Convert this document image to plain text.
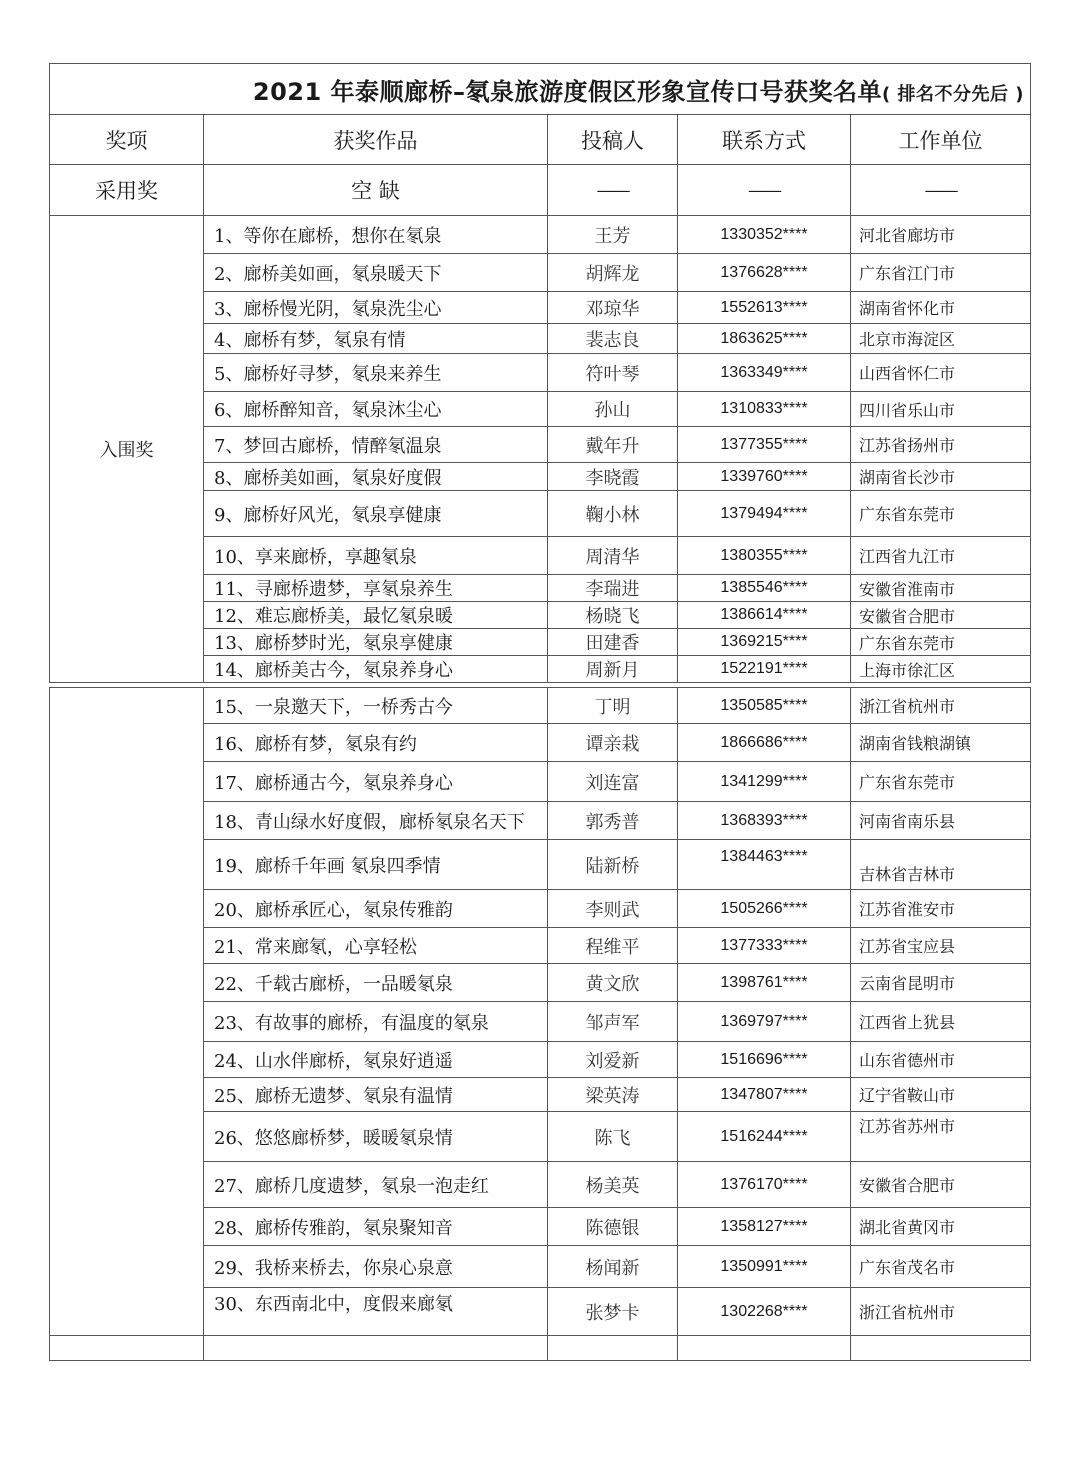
2021 年泰顺廊桥–氡泉旅游度假区形象宣传口号获奖名单( 排名不分先后 )				
奖项	获奖作品	投稿人	联系方式	工作单位
采用奖	空 缺	——	——	——
入围奖	1、等你在廊桥，想你在氡泉	王芳	1330352****	河北省廊坊市
	2、廊桥美如画，氡泉暖天下	胡辉龙	1376628****	广东省江门市
	3、廊桥慢光阴，氡泉洗尘心	邓琼华	1552613****	湖南省怀化市
	4、廊桥有梦，氡泉有情	裴志良	1863625****	北京市海淀区
	5、廊桥好寻梦，氡泉来养生	符叶琴	1363349****	山西省怀仁市
	6、廊桥醉知音，氡泉沐尘心	孙山	1310833****	四川省乐山市
	7、梦回古廊桥，情醉氡温泉	戴年升	1377355****	江苏省扬州市
	8、廊桥美如画，氡泉好度假	李晓霞	1339760****	湖南省长沙市
	9、廊桥好风光，氡泉享健康	鞠小林	1379494****	广东省东莞市
	10、享来廊桥，享趣氡泉	周清华	1380355****	江西省九江市
	11、寻廊桥遗梦，享氡泉养生	李瑞进	1385546****	安徽省淮南市
	12、难忘廊桥美，最忆氡泉暖	杨晓飞	1386614****	安徽省合肥市
	13、廊桥梦时光，氡泉享健康	田建香	1369215****	广东省东莞市
	14、廊桥美古今，氡泉养身心	周新月	1522191****	上海市徐汇区

	15、一泉邀天下，一桥秀古今	丁明	1350585****	浙江省杭州市
	16、廊桥有梦，氡泉有约	谭亲栽	1866686****	湖南省钱粮湖镇
	17、廊桥通古今，氡泉养身心	刘连富	1341299****	广东省东莞市
	18、青山绿水好度假，廊桥氡泉名天下	郭秀普	1368393****	河南省南乐县
	19、廊桥千年画 氡泉四季情	陆新桥	1384463****	吉林省吉林市
	20、廊桥承匠心，氡泉传雅韵	李则武	1505266****	江苏省淮安市
	21、常来廊氡，心享轻松	程维平	1377333****	江苏省宝应县
	22、千载古廊桥，一品暖氡泉	黄文欣	1398761****	云南省昆明市
	23、有故事的廊桥，有温度的氡泉	邹声军	1369797****	江西省上犹县
	24、山水伴廊桥，氡泉好逍遥	刘爱新	1516696****	山东省德州市
	25、廊桥无遗梦、氡泉有温情	梁英涛	1347807****	辽宁省鞍山市
	26、悠悠廊桥梦，暖暖氡泉情	陈飞	1516244****	江苏省苏州市
	27、廊桥几度遗梦，氡泉一泡走红	杨美英	1376170****	安徽省合肥市
	28、廊桥传雅韵，氡泉聚知音	陈德银	1358127****	湖北省黄冈市
	29、我桥来桥去，你泉心泉意	杨闻新	1350991****	广东省茂名市
	30、东西南北中，度假来廊氡	张梦卡	1302268****	浙江省杭州市
